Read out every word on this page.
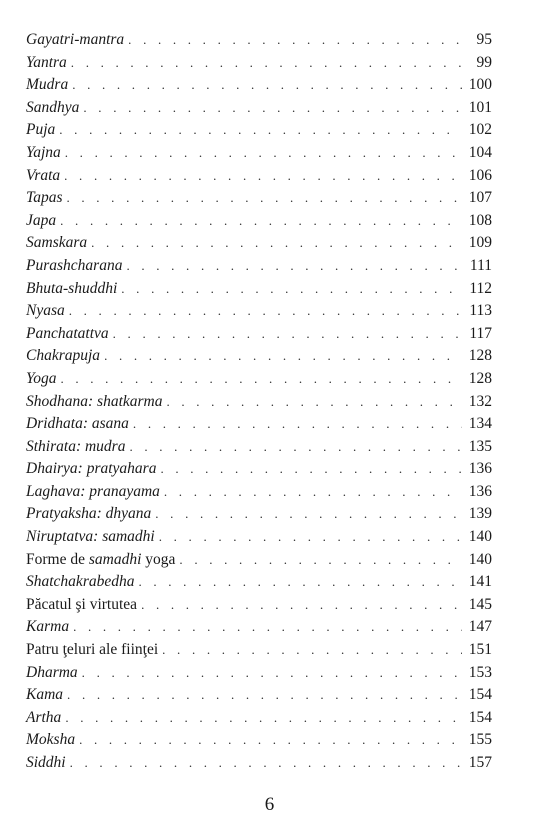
Gayatri-mantra . . .	95
Yantra . . .	99
Mudra . . .	100
Sandhya . . .	101
Puja . . .	102
Yajna . . .	104
Vrata . . .	106
Tapas . . .	107
Japa . . .	108
Samskara . . .	109
Purashcharana . . .	111
Bhuta-shuddhi . . .	112
Nyasa . . .	113
Panchatattva . . .	117
Chakrapuja . . .	128
Yoga . . .	128
Shodhana: shatkarma . . .	132
Dridhata: asana . . .	134
Sthirata: mudra . . .	135
Dhairya: pratyahara . . .	136
Laghava: pranayama . . .	136
Pratyaksha: dhyana . . .	139
Niruptatva: samadhi . . .	140
Forme de samadhi yoga . . .	140
Shatchakrabedha . . .	141
Păcatul şi virtutea . . .	145
Karma . . .	147
Patru ţeluri ale fiinţei . . .	151
Dharma . . .	153
Kama . . .	154
Artha . . .	154
Moksha . . .	155
Siddhi . . .	157
6
